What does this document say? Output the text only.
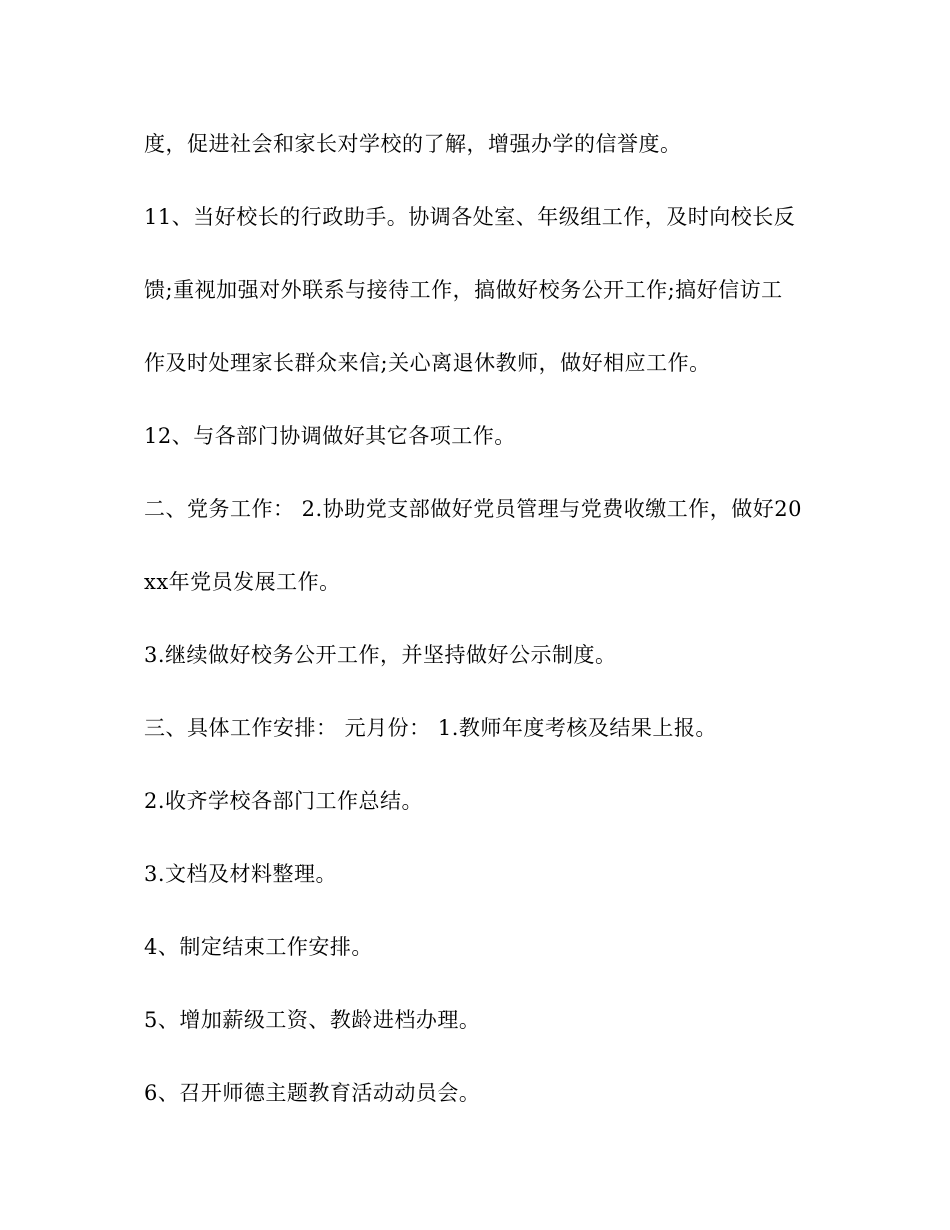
度，促进社会和家长对学校的了解，增强办学的信誉度。
11、当好校长的行政助手。协调各处室、年级组工作，及时向校长反
馈;重视加强对外联系与接待工作，搞做好校务公开工作;搞好信访工
作及时处理家长群众来信;关心离退休教师，做好相应工作。
12、与各部门协调做好其它各项工作。
二、党务工作： 2.协助党支部做好党员管理与党费收缴工作，做好20
xx年党员发展工作。
3.继续做好校务公开工作，并坚持做好公示制度。
三、具体工作安排： 元月份： 1.教师年度考核及结果上报。
2.收齐学校各部门工作总结。
3.文档及材料整理。
4、制定结束工作安排。
5、增加薪级工资、教龄进档办理。
6、召开师德主题教育活动动员会。
